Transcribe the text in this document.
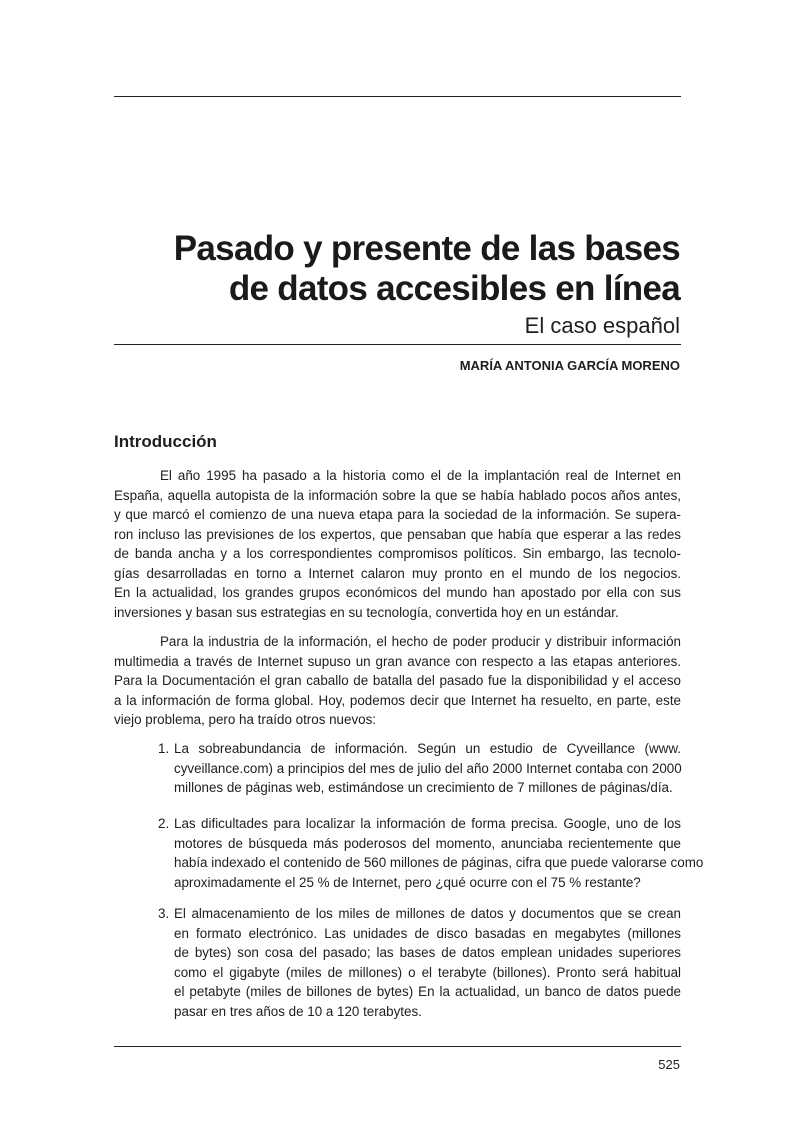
Pasado y presente de las bases
de datos accesibles en línea
El caso español
MARÍA ANTONIA GARCÍA MORENO
Introducción
El año 1995 ha pasado a la historia como el de la implantación real de Internet en
España, aquella autopista de la información sobre la que se había hablado pocos años antes,
y que marcó el comienzo de una nueva etapa para la sociedad de la información. Se supera-
ron incluso las previsiones de los expertos, que pensaban que había que esperar a las redes
de banda ancha y a los correspondientes compromisos políticos. Sin embargo, las tecnolo-
gías desarrolladas en torno a Internet calaron muy pronto en el mundo de los negocios.
En la actualidad, los grandes grupos económicos del mundo han apostado por ella con sus
inversiones y basan sus estrategias en su tecnología, convertida hoy en un estándar.
Para la industria de la información, el hecho de poder producir y distribuir información
multimedia a través de Internet supuso un gran avance con respecto a las etapas anteriores.
Para la Documentación el gran caballo de batalla del pasado fue la disponibilidad y el acceso
a la información de forma global. Hoy, podemos decir que Internet ha resuelto, en parte, este
viejo problema, pero ha traído otros nuevos:
1. La sobreabundancia de información. Según un estudio de Cyveillance (www.
cyveillance.com) a principios del mes de julio del año 2000 Internet contaba con 2000
millones de páginas web, estimándose un crecimiento de 7 millones de páginas/día.
2. Las dificultades para localizar la información de forma precisa. Google, uno de los
motores de búsqueda más poderosos del momento, anunciaba recientemente que
había indexado el contenido de 560 millones de páginas, cifra que puede valorarse como
aproximadamente el 25 % de Internet, pero ¿qué ocurre con el 75 % restante?
3. El almacenamiento de los miles de millones de datos y documentos que se crean
en formato electrónico. Las unidades de disco basadas en megabytes (millones
de bytes) son cosa del pasado; las bases de datos emplean unidades superiores
como el gigabyte (miles de millones) o el terabyte (billones). Pronto será habitual
el petabyte (miles de billones de bytes) En la actualidad, un banco de datos puede
pasar en tres años de 10 a 120 terabytes.
525
